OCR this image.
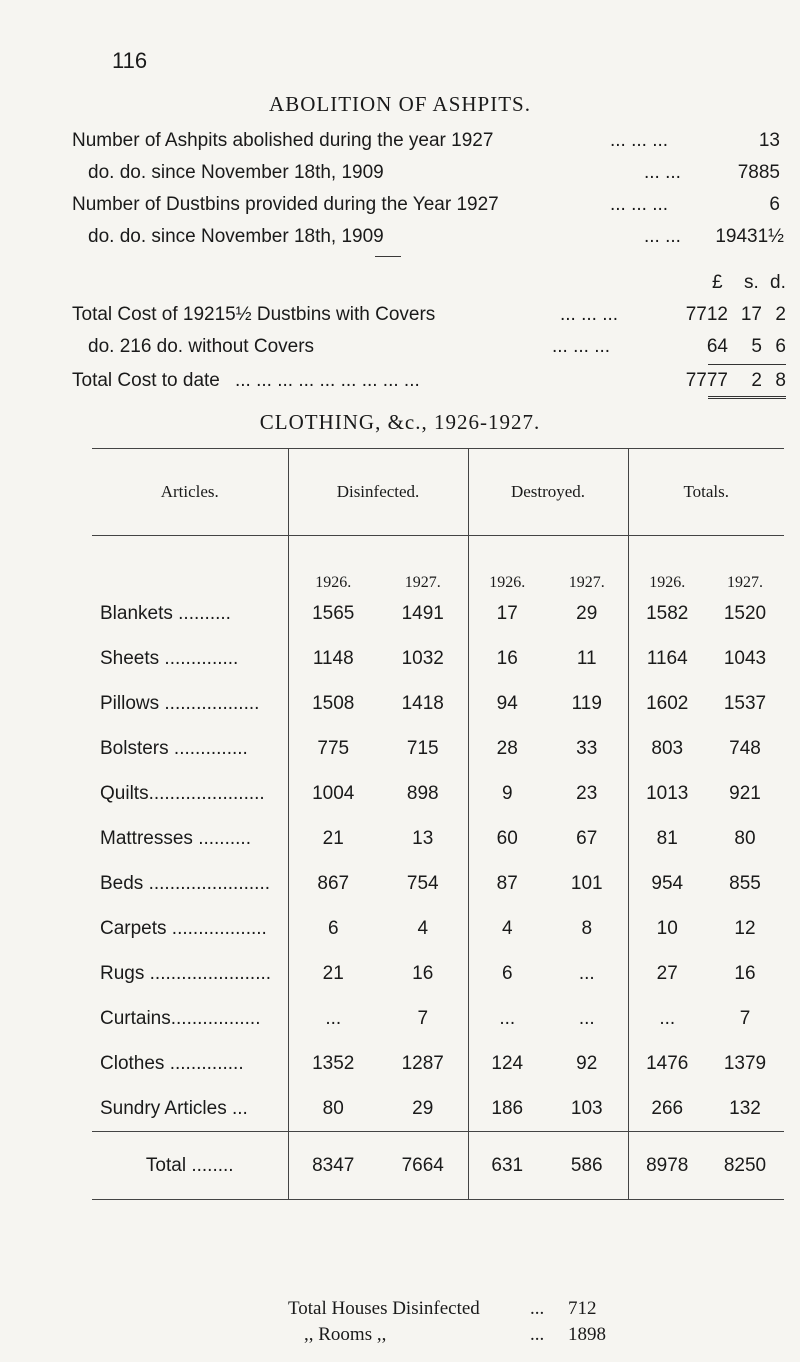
116
ABOLITION OF ASHPITS.
Number of Ashpits abolished during the year 1927	... ... ...	13
do. do. since November 18th, 1909	... ...	7885
Number of Dustbins provided during the Year 1927	... ... ...	6
do. do. since November 18th, 1909	... ... 19431½
——
£ s. d.
Total Cost of 19215½ Dustbins with Covers	... ... ...	7712 17 2
do. 216 do. without Covers	... ... ...	64 5 6
Total Cost to date ... ... ... ... ... ... ... ... ...	7777 2 8
CLOTHING, &c., 1926-1927.
Articles.	Disinfected.		Destroyed.		Totals.	
	1926.	1927.	1926.	1927.	1926.	1927.
Blankets ..........	1565	1491	17	29	1582	1520
Sheets ..............	1148	1032	16	11	1164	1043
Pillows ..................	1508	1418	94	119	1602	1537
Bolsters ..............	775	715	28	33	803	748
Quilts......................	1004	898	9	23	1013	921
Mattresses ..........	21	13	60	67	81	80
Beds .......................	867	754	87	101	954	855
Carpets ..................	6	4	4	8	10	12
Rugs .......................	21	16	6	...	27	16
Curtains.................	...	7	...	...	...	7
Clothes ..............	1352	1287	124	92	1476	1379
Sundry Articles ...	80	29	186	103	266	132
Total ........	8347	7664	631	586	8978	8250
Total Houses Disinfected	... 712
,, Rooms ,,	... 1898
